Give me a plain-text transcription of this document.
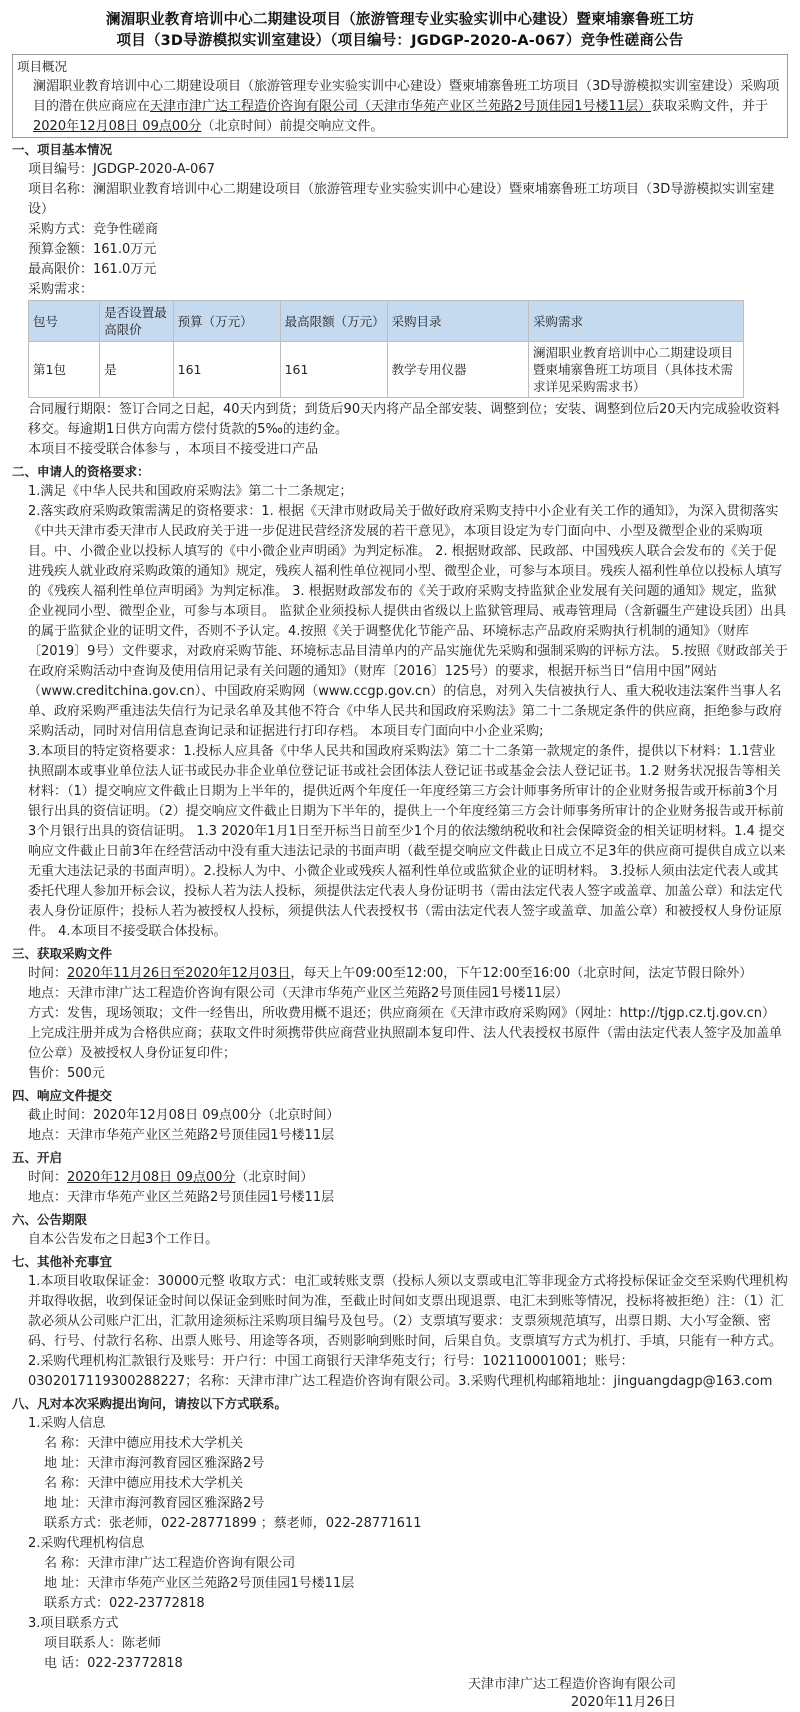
澜湄职业教育培训中心二期建设项目（旅游管理专业实验实训中心建设）暨柬埔寨鲁班工坊
项目（3D导游模拟实训室建设）（项目编号：JGDGP-2020-A-067）竞争性磋商公告
项目概况

澜湄职业教育培训中心二期建设项目（旅游管理专业实验实训中心建设）暨柬埔寨鲁班工坊项目（3D导游模拟实训室建设）采购项目的潜在供应商应在天津市津广达工程造价咨询有限公司（天津市华苑产业区兰苑路2号顶佳园1号楼11层）获取采购文件，并于2020年12月08日 09点00分（北京时间）前提交响应文件。

一、项目基本情况

项目编号：JGDGP-2020-A-067

项目名称：澜湄职业教育培训中心二期建设项目（旅游管理专业实验实训中心建设）暨柬埔寨鲁班工坊项目（3D导游模拟实训室建设）

采购方式：竞争性磋商

预算金额：161.0万元

最高限价：161.0万元

采购需求：

包号	是否设置最高限价	预算（万元）	最高限额（万元）	采购目录	采购需求
第1包	是	161	161	教学专用仪器	澜湄职业教育培训中心二期建设项目暨柬埔寨鲁班工坊项目（具体技术需求详见采购需求书）

合同履行期限：签订合同之日起，40天内到货；到货后90天内将产品全部安装、调整到位；安装、调整到位后20天内完成验收资料移交。每逾期1日供方向需方偿付货款的5‰的违约金。

本项目不接受联合体参与 ，本项目不接受进口产品

二、申请人的资格要求：

1.满足《中华人民共和国政府采购法》第二十二条规定；

2.落实政府采购政策需满足的资格要求：1. 根据《天津市财政局关于做好政府采购支持中小企业有关工作的通知》，为深入贯彻落实《中共天津市委天津市人民政府关于进一步促进民营经济发展的若干意见》，本项目设定为专门面向中、小型及微型企业的采购项目。中、小微企业以投标人填写的《中小微企业声明函》为判定标准。 2. 根据财政部、民政部、中国残疾人联合会发布的《关于促进残疾人就业政府采购政策的通知》规定，残疾人福利性单位视同小型、微型企业，可参与本项目。残疾人福利性单位以投标人填写的《残疾人福利性单位声明函》为判定标准。 3. 根据财政部发布的《关于政府采购支持监狱企业发展有关问题的通知》规定，监狱企业视同小型、微型企业，可参与本项目。 监狱企业须投标人提供由省级以上监狱管理局、戒毒管理局（含新疆生产建设兵团）出具的属于监狱企业的证明文件，否则不予认定。4.按照《关于调整优化节能产品、环境标志产品政府采购执行机制的通知》（财库〔2019〕9号）文件要求，对政府采购节能、环境标志品目清单内的产品实施优先采购和强制采购的评标方法。 5.按照《财政部关于在政府采购活动中查询及使用信用记录有关问题的通知》（财库〔2016〕125号）的要求，根据开标当日“信用中国”网站（www.creditchina.gov.cn）、中国政府采购网（www.ccgp.gov.cn）的信息，对列入失信被执行人、重大税收违法案件当事人名单、政府采购严重违法失信行为记录名单及其他不符合《中华人民共和国政府采购法》第二十二条规定条件的供应商，拒绝参与政府采购活动，同时对信用信息查询记录和证据进行打印存档。 本项目专门面向中小企业采购;

3.本项目的特定资格要求：1.投标人应具备《中华人民共和国政府采购法》第二十二条第一款规定的条件，提供以下材料：1.1营业执照副本或事业单位法人证书或民办非企业单位登记证书或社会团体法人登记证书或基金会法人登记证书。1.2 财务状况报告等相关材料：（1）提交响应文件截止日期为上半年的，提供近两个年度任一年度经第三方会计师事务所审计的企业财务报告或开标前3个月银行出具的资信证明。（2）提交响应文件截止日期为下半年的，提供上一个年度经第三方会计师事务所审计的企业财务报告或开标前3个月银行出具的资信证明。 1.3 2020年1月1日至开标当日前至少1个月的依法缴纳税收和社会保障资金的相关证明材料。1.4 提交响应文件截止日前3年在经营活动中没有重大违法记录的书面声明（截至提交响应文件截止日成立不足3年的供应商可提供自成立以来无重大违法记录的书面声明）。2.投标人为中、小微企业或残疾人福利性单位或监狱企业的证明材料。 3.投标人须由法定代表人或其委托代理人参加开标会议，投标人若为法人投标，须提供法定代表人身份证明书（需由法定代表人签字或盖章、加盖公章）和法定代表人身份证原件；投标人若为被授权人投标，须提供法人代表授权书（需由法定代表人签字或盖章、加盖公章）和被授权人身份证原件。 4.本项目不接受联合体投标。

三、获取采购文件

时间：2020年11月26日至2020年12月03日，每天上午09:00至12:00，下午12:00至16:00（北京时间，法定节假日除外）

地点：天津市津广达工程造价咨询有限公司（天津市华苑产业区兰苑路2号顶佳园1号楼11层）

方式：发售，现场领取；文件一经售出，所收费用概不退还；供应商须在《天津市政府采购网》（网址：http://tjgp.cz.tj.gov.cn）上完成注册并成为合格供应商；获取文件时须携带供应商营业执照副本复印件、法人代表授权书原件（需由法定代表人签字及加盖单位公章）及被授权人身份证复印件；

售价：500元

四、响应文件提交

截止时间：2020年12月08日 09点00分（北京时间）

地点：天津市华苑产业区兰苑路2号顶佳园1号楼11层

五、开启

时间：2020年12月08日 09点00分（北京时间）

地点：天津市华苑产业区兰苑路2号顶佳园1号楼11层

六、公告期限

自本公告发布之日起3个工作日。

七、其他补充事宜

1.本项目收取保证金：30000元整 收取方式：电汇或转账支票（投标人须以支票或电汇等非现金方式将投标保证金交至采购代理机构并取得收据，收到保证金时间以保证金到账时间为准，至截止时间如支票出现退票、电汇未到账等情况，投标将被拒绝）注：（1）汇款必须从公司账户汇出，汇款用途须标注采购项目编号及包号。（2）支票填写要求：支票须规范填写，出票日期、大小写金额、密码、行号、付款行名称、出票人账号、用途等各项，否则影响到账时间，后果自负。支票填写方式为机打、手填，只能有一种方式。2.采购代理机构汇款银行及账号：开户行：中国工商银行天津华苑支行；行号：102110001001；账号：0302017119300288227；名称：天津市津广达工程造价咨询有限公司。3.采购代理机构邮箱地址：jinguangdagp@163.com

八、凡对本次采购提出询问，请按以下方式联系。

1.采购人信息

名 称：天津中德应用技术大学机关

地 址：天津市海河教育园区雅深路2号

名 称：天津中德应用技术大学机关

地 址：天津市海河教育园区雅深路2号

联系方式：张老师，022-28771899 ；蔡老师，022-28771611

2.采购代理机构信息

名 称：天津市津广达工程造价咨询有限公司

地 址：天津市华苑产业区兰苑路2号顶佳园1号楼11层

联系方式：022-23772818

3.项目联系方式

项目联系人：陈老师

电 话：022-23772818

天津市津广达工程造价咨询有限公司
2020年11月26日
